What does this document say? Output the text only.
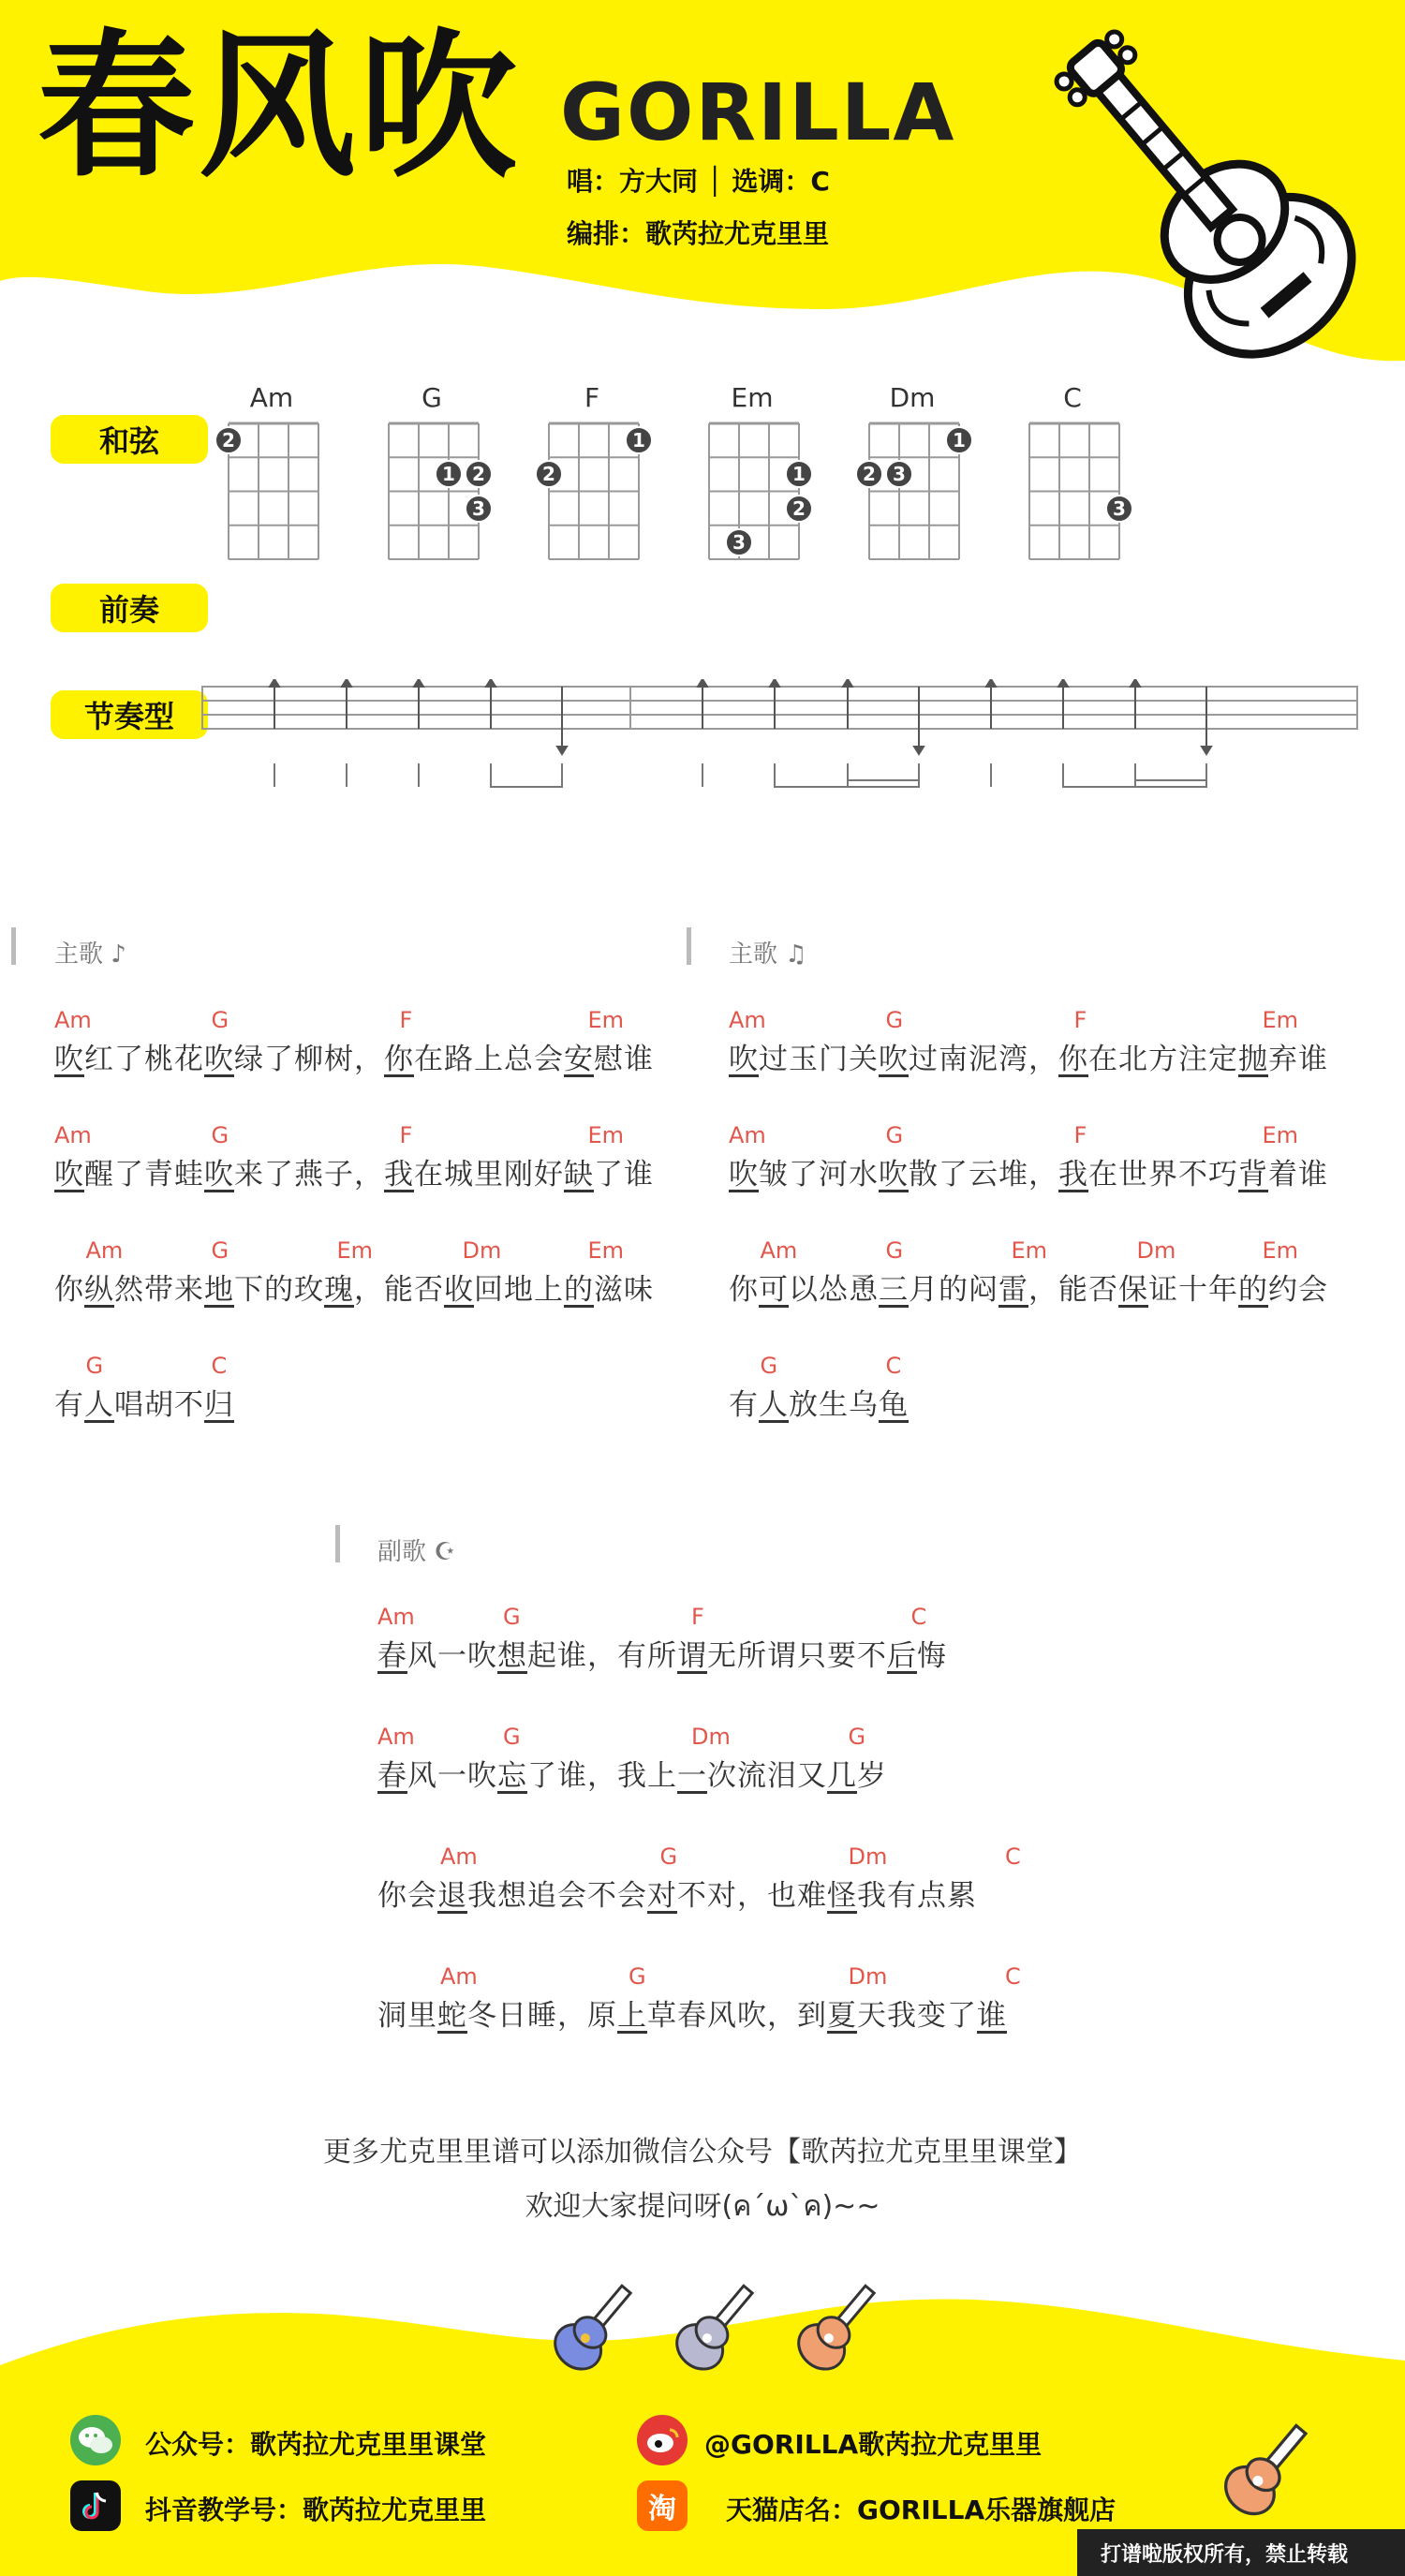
春风吹 GORILLA
唱：方大同 │ 选调：C
编排：歌芮拉尤克里里
和弦
前奏
节奏型
Am
2
G
1 2
3
F
1
2
Em
1
2
3
Dm
1
2 3
C
3
主歌 ♪	主歌 ♫
副歌 ☪
Am	G	F	Em
吹红了桃花吹绿了柳树，你在路上总会安慰谁
Am	G	F	Em
吹醒了青蛙吹来了燕子，我在城里刚好缺了谁
Am	G	Em	Dm	Em
你纵然带来地下的玫瑰，能否收回地上的滋味
G	C
有人唱胡不归
Am	G	F	Em
吹过玉门关吹过南泥湾，你在北方注定抛弃谁
Am	G	F	Em
吹皱了河水吹散了云堆，我在世界不巧背着谁
Am	G	Em	Dm	Em
你可以怂恿三月的闷雷，能否保证十年的约会
G	C
有人放生乌龟
Am	G	F	C
春风一吹想起谁，有所谓无所谓只要不后悔
Am	G	Dm	G
春风一吹忘了谁，我上一次流泪又几岁
Am	G	Dm	C
你会退我想追会不会对不对，也难怪我有点累
Am	G	Dm	C
洞里蛇冬日睡，原上草春风吹，到夏天我变了谁
更多尤克里里谱可以添加微信公众号【歌芮拉尤克里里课堂】
欢迎大家提问呀(ค´ω`ค)~~
公众号：歌芮拉尤克里里课堂	@GORILLA歌芮拉尤克里里
抖音教学号：歌芮拉尤克里里	淘	天猫店名：GORILLA乐器旗舰店
打谱啦版权所有，禁止转载
